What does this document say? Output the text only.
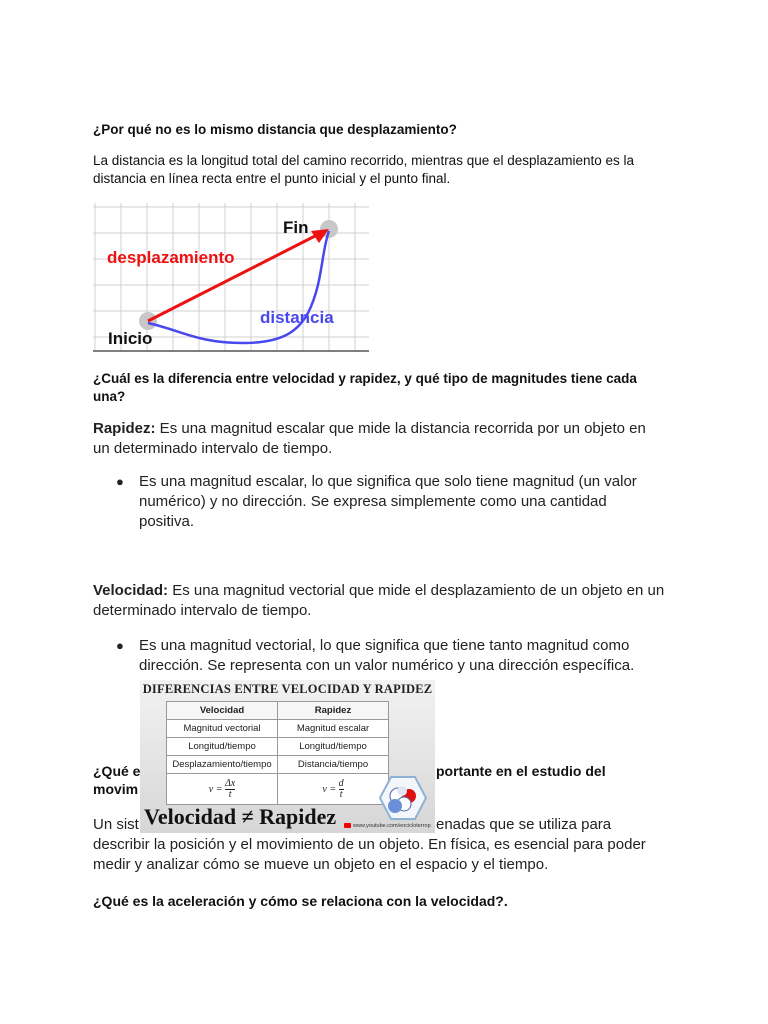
¿Por qué no es lo mismo distancia que desplazamiento?
La distancia es la longitud total del camino recorrido, mientras que el desplazamiento es la
distancia en línea recta entre el punto inicial y el punto final.
Fin
desplazamiento
distancia
Inicio
¿Cuál es la diferencia entre velocidad y rapidez, y qué tipo de magnitudes tiene cada
una?
Rapidez: Es una magnitud escalar que mide la distancia recorrida por un objeto en
un determinado intervalo de tiempo.
● Es una magnitud escalar, lo que significa que solo tiene magnitud (un valor
numérico) y no dirección. Se expresa simplemente como una cantidad
positiva.
Velocidad: Es una magnitud vectorial que mide el desplazamiento de un objeto en un
determinado intervalo de tiempo.
● Es una magnitud vectorial, lo que significa que tiene tanto magnitud como
dirección. Se representa con un valor numérico y una dirección específica.
¿Qué e	portante en el estudio del
movim
Un sist	enadas que se utiliza para
describir la posición y el movimiento de un objeto. En física, es esencial para poder
medir y analizar cómo se mueve un objeto en el espacio y el tiempo.
¿Qué es la aceleración y cómo se relaciona con la velocidad?.
DIFERENCIAS ENTRE VELOCIDAD Y RAPIDEZ
Velocidad	Rapidez
Magnitud vectorial	Magnitud escalar
Longitud/tiempo	Longitud/tiempo
Desplazamiento/tiempo	Distancia/tiempo
$v = \frac{\Delta x}{t}$	$v = \frac{d}{t}$
Velocidad ≠ Rapidez	www.youtube.com/encicloterrop
